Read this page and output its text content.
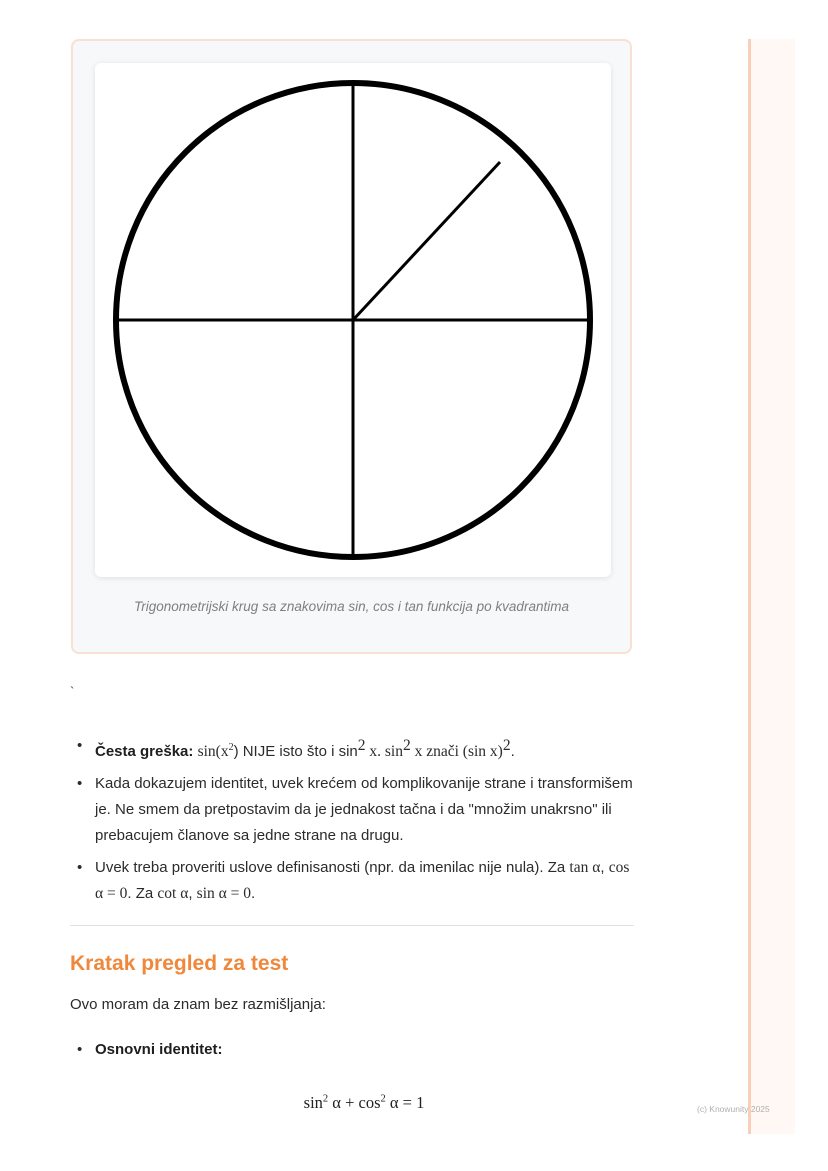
Trigonometrijski krug sa znakovima sin, cos i tan funkcija po kvadrantima
`
• Česta greška: $\sin(x^2)$ NIJE isto što i $\sin^2 x$. $\sin^2 x$ znači (sin x)$^2$.
• Kada dokazujem identitet, uvek krećem od komplikovanije strane i transformišem je. Ne smem da pretpostavim da je jednakost tačna i da "množim unakrsno" ili prebacujem članove sa jedne strane na drugu.
• Uvek treba proveriti uslove definisanosti (npr. da imenilac nije nula). Za tan α, cos α = 0. Za cot α, sin α = 0.
Kratak pregled za test
Ovo moram da znam bez razmišljanja:
• Osnovni identitet:
$\sin^2 \alpha + \cos^2 \alpha = 1$	(c) Knowunity 2025
